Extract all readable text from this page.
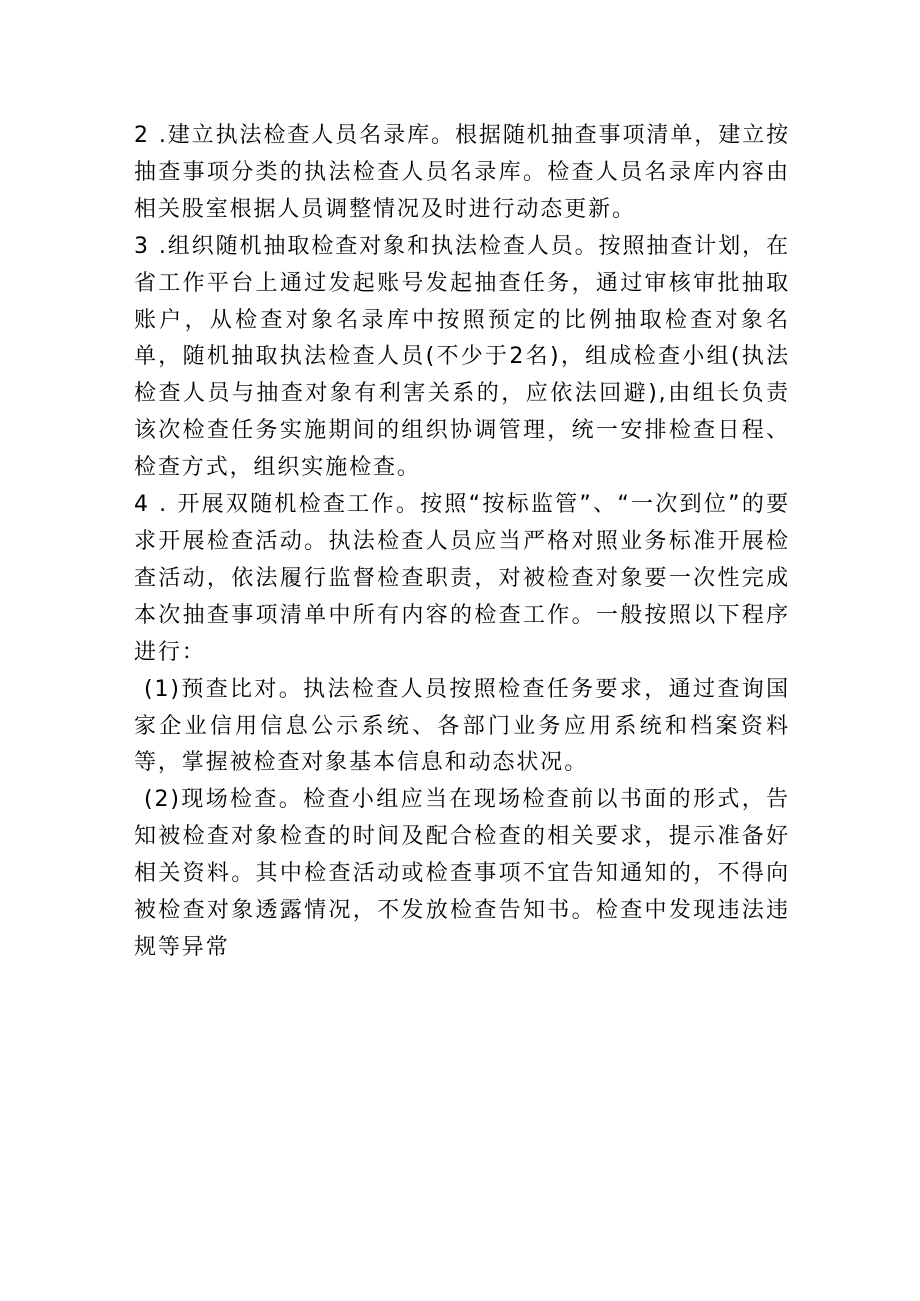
2 .建立执法检查人员名录库。根据随机抽查事项清单，建立按抽查事项分类的执法检查人员名录库。检查人员名录库内容由相关股室根据人员调整情况及时进行动态更新。

3 .组织随机抽取检查对象和执法检查人员。按照抽查计划，在省工作平台上通过发起账号发起抽查任务，通过审核审批抽取账户，从检查对象名录库中按照预定的比例抽取检查对象名单，随机抽取执法检查人员(不少于2名)，组成检查小组(执法检查人员与抽查对象有利害关系的，应依法回避),由组长负责该次检查任务实施期间的组织协调管理，统一安排检查日程、检查方式，组织实施检查。

4 . 开展双随机检查工作。按照“按标监管”、“一次到位”的要求开展检查活动。执法检查人员应当严格对照业务标准开展检查活动，依法履行监督检查职责，对被检查对象要一次性完成本次抽查事项清单中所有内容的检查工作。一般按照以下程序进行：

(1)预查比对。执法检查人员按照检查任务要求，通过查询国家企业信用信息公示系统、各部门业务应用系统和档案资料等，掌握被检查对象基本信息和动态状况。

(2)现场检查。检查小组应当在现场检查前以书面的形式，告知被检查对象检查的时间及配合检查的相关要求，提示准备好相关资料。其中检查活动或检查事项不宜告知通知的，不得向被检查对象透露情况，不发放检查告知书。检查中发现违法违规等异常
